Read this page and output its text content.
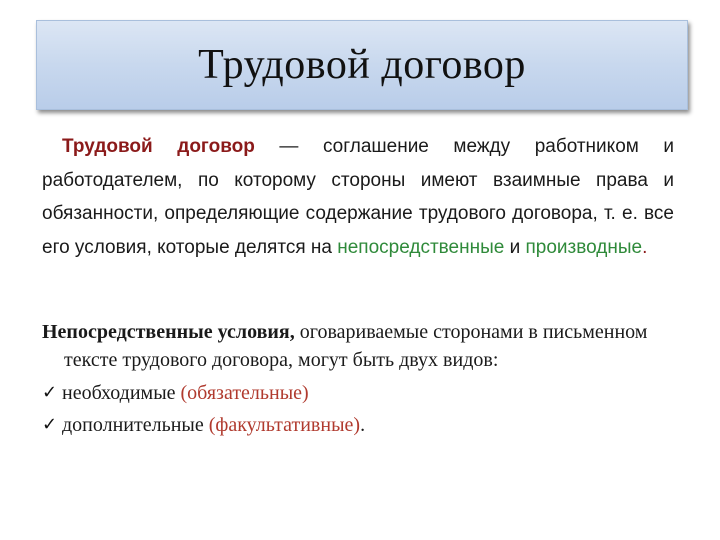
Трудовой договор

Трудовой договор — соглашение между работником и работодателем, по которому стороны имеют взаимные права и обязанности, определяющие содержание трудового договора, т. е. все его условия, которые делятся на непосредственные и производные.

Непосредственные условия, оговариваемые сторонами в письменном тексте трудового договора, могут быть двух видов:

✓ необходимые (обязательные)
✓ дополнительные (факультативные) .
